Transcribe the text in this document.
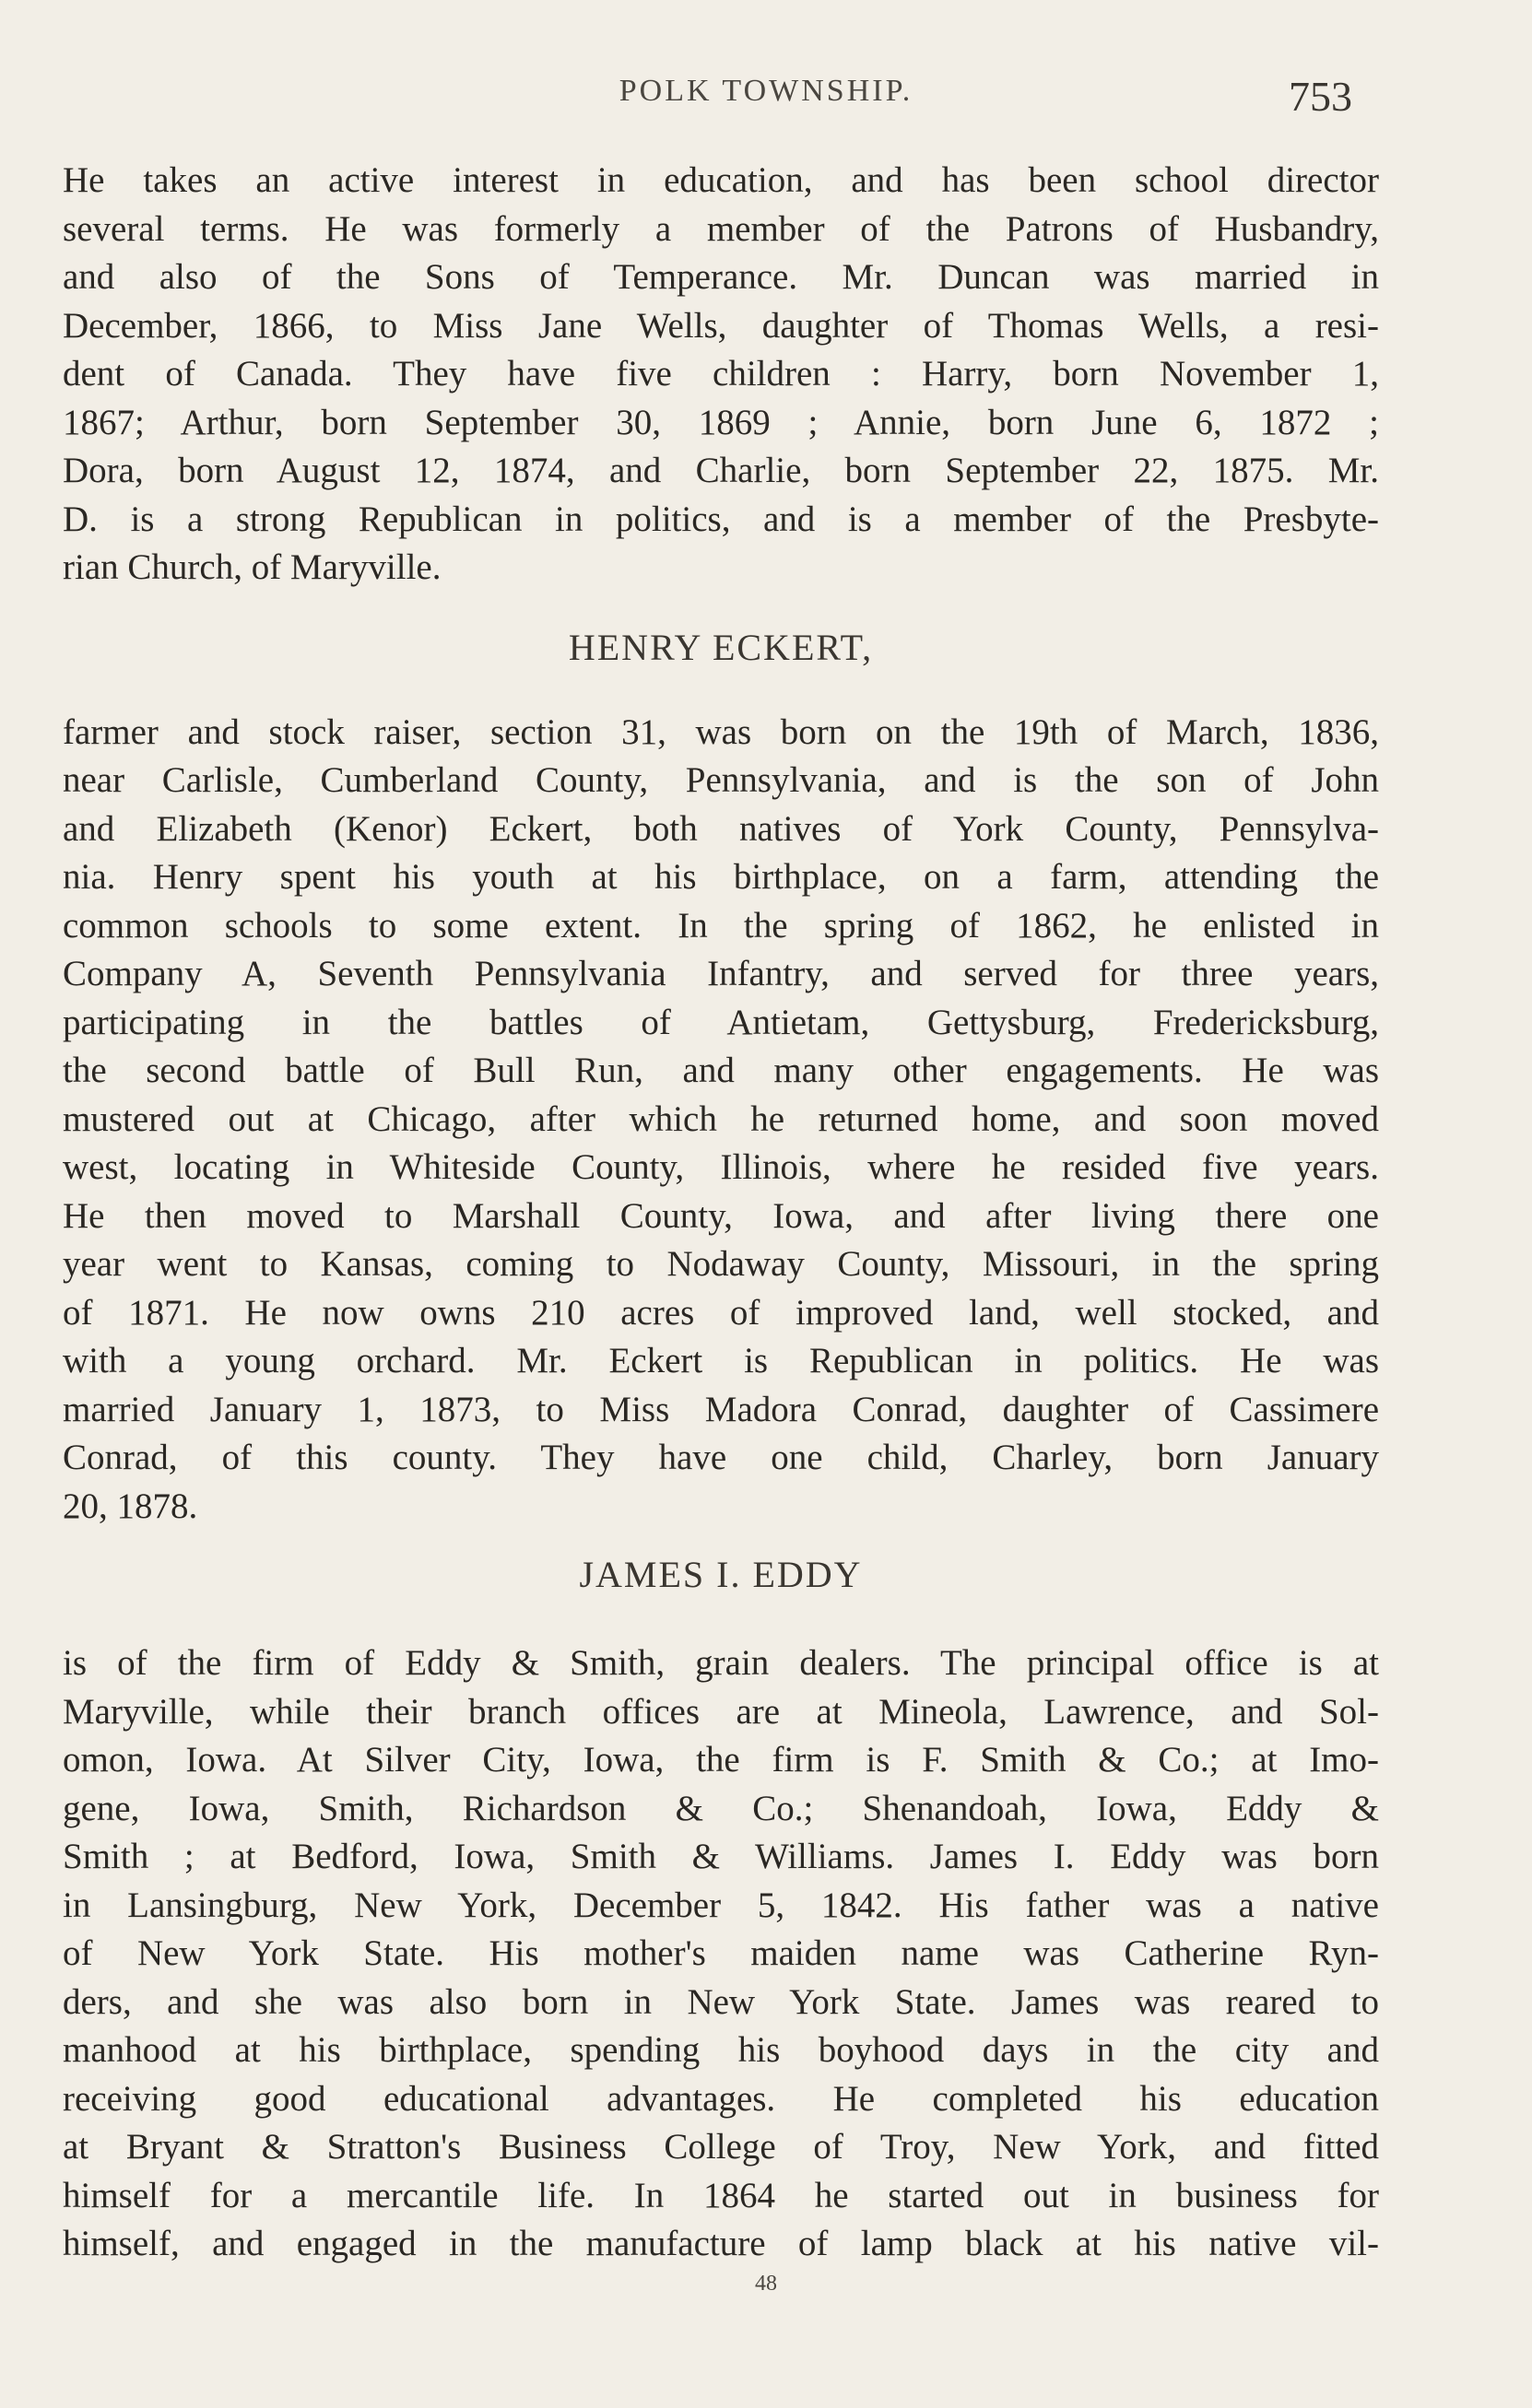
POLK TOWNSHIP.	753
He takes an active interest in education, and has been school director
several terms. He was formerly a member of the Patrons of Husbandry,
and also of the Sons of Temperance. Mr. Duncan was married in
December, 1866, to Miss Jane Wells, daughter of Thomas Wells, a resi-
dent of Canada. They have five children : Harry, born November 1,
1867; Arthur, born September 30, 1869 ; Annie, born June 6, 1872 ;
Dora, born August 12, 1874, and Charlie, born September 22, 1875. Mr.
D. is a strong Republican in politics, and is a member of the Presbyte-
rian Church, of Maryville.
HENRY ECKERT,
farmer and stock raiser, section 31, was born on the 19th of March, 1836,
near Carlisle, Cumberland County, Pennsylvania, and is the son of John
and Elizabeth (Kenor) Eckert, both natives of York County, Pennsylva-
nia. Henry spent his youth at his birthplace, on a farm, attending the
common schools to some extent. In the spring of 1862, he enlisted in
Company A, Seventh Pennsylvania Infantry, and served for three years,
participating in the battles of Antietam, Gettysburg, Fredericksburg,
the second battle of Bull Run, and many other engagements. He was
mustered out at Chicago, after which he returned home, and soon moved
west, locating in Whiteside County, Illinois, where he resided five years.
He then moved to Marshall County, Iowa, and after living there one
year went to Kansas, coming to Nodaway County, Missouri, in the spring
of 1871. He now owns 210 acres of improved land, well stocked, and
with a young orchard. Mr. Eckert is Republican in politics. He was
married January 1, 1873, to Miss Madora Conrad, daughter of Cassimere
Conrad, of this county. They have one child, Charley, born January
20, 1878.
JAMES I. EDDY
is of the firm of Eddy & Smith, grain dealers. The principal office is at
Maryville, while their branch offices are at Mineola, Lawrence, and Sol-
omon, Iowa. At Silver City, Iowa, the firm is F. Smith & Co.; at Imo-
gene, Iowa, Smith, Richardson & Co.; Shenandoah, Iowa, Eddy &
Smith ; at Bedford, Iowa, Smith & Williams. James I. Eddy was born
in Lansingburg, New York, December 5, 1842. His father was a native
of New York State. His mother's maiden name was Catherine Ryn-
ders, and she was also born in New York State. James was reared to
manhood at his birthplace, spending his boyhood days in the city and
receiving good educational advantages. He completed his education
at Bryant & Stratton's Business College of Troy, New York, and fitted
himself for a mercantile life. In 1864 he started out in business for
himself, and engaged in the manufacture of lamp black at his native vil-
48
